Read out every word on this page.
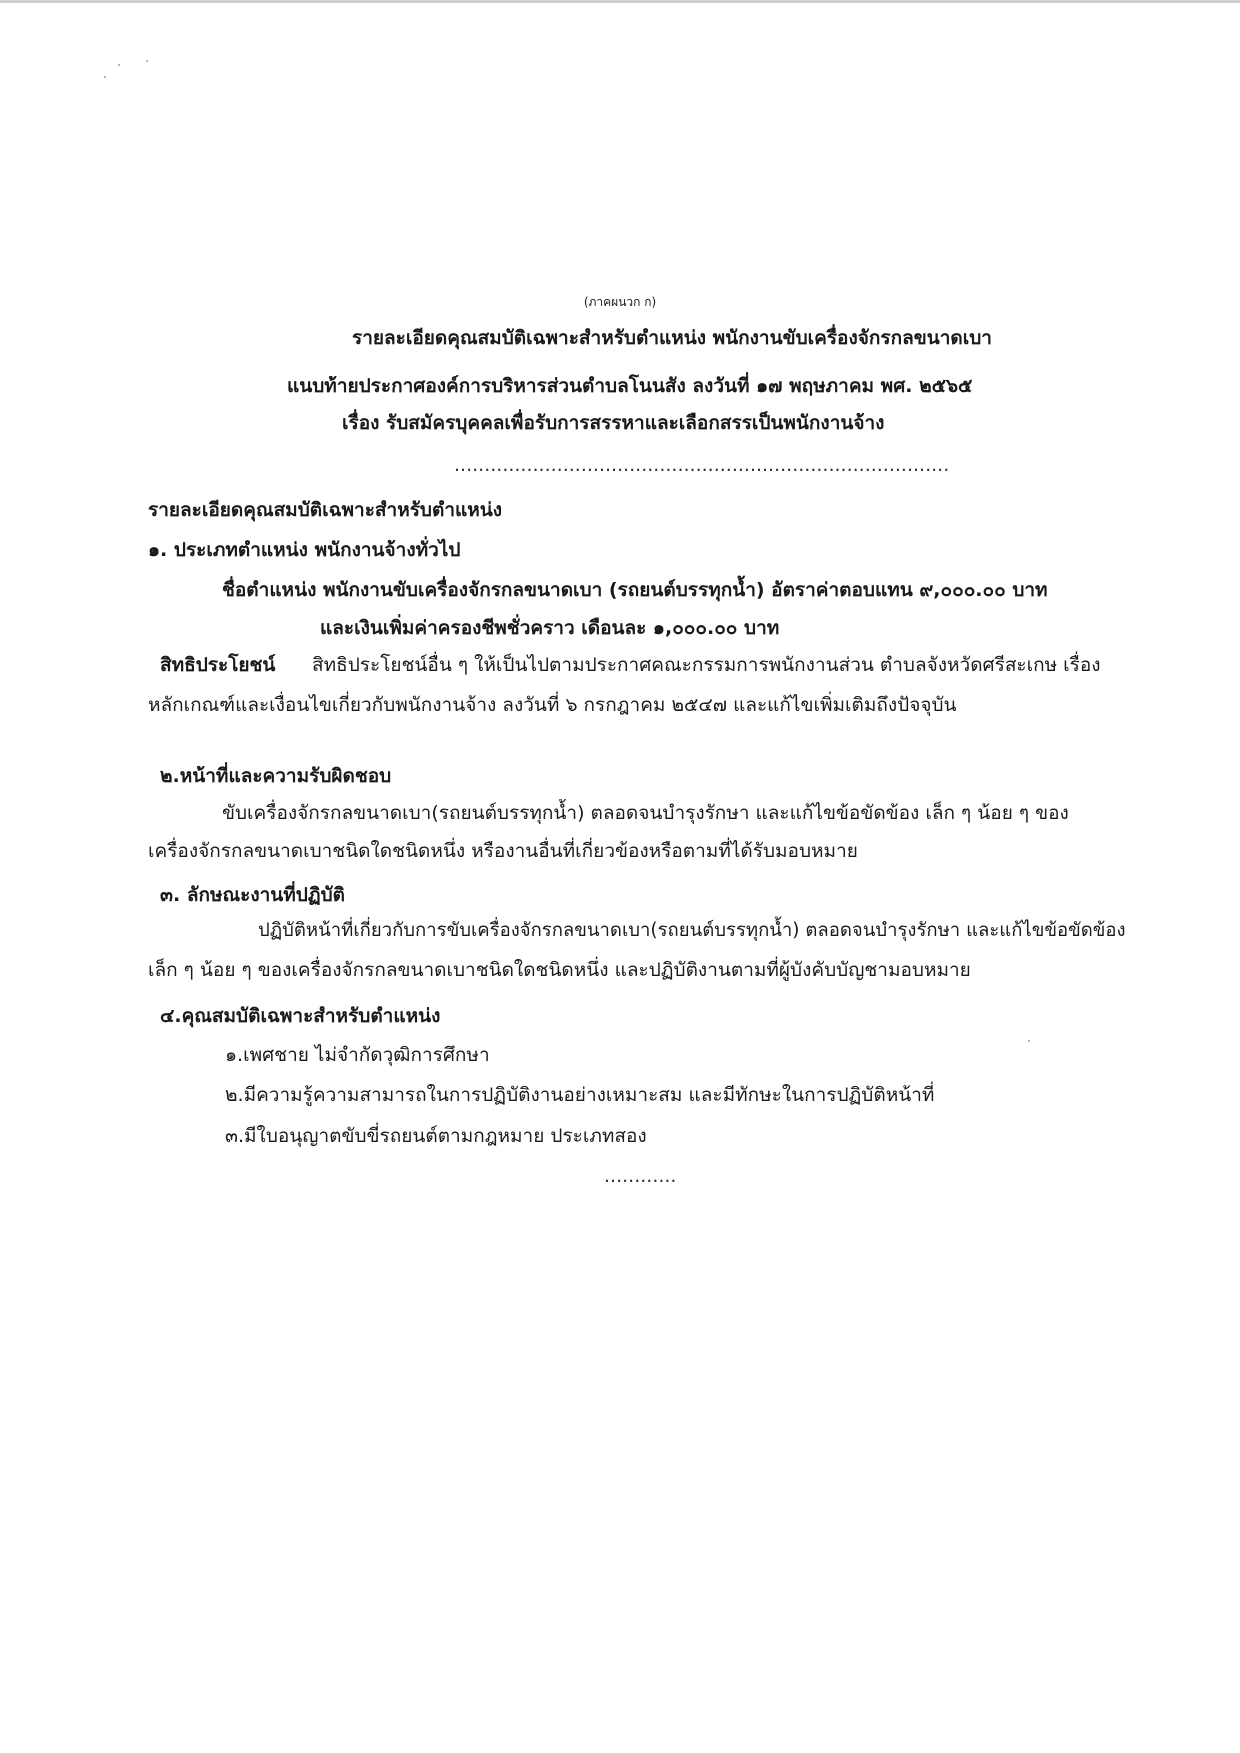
(ภาคผนวก ก)
รายละเอียดคุณสมบัติเฉพาะสำหรับตำแหน่ง พนักงานขับเครื่องจักรกลขนาดเบา
แนบท้ายประกาศองค์การบริหารส่วนตำบลโนนสัง ลงวันที่ ๑๗ พฤษภาคม พศ. ๒๕๖๕
เรื่อง รับสมัครบุคคลเพื่อรับการสรรหาและเลือกสรรเป็นพนักงานจ้าง
..................................................................................
รายละเอียดคุณสมบัติเฉพาะสำหรับตำแหน่ง
๑. ประเภทตำแหน่ง พนักงานจ้างทั่วไป
ชื่อตำแหน่ง พนักงานขับเครื่องจักรกลขนาดเบา (รถยนต์บรรทุกน้ำ) อัตราค่าตอบแทน ๙,๐๐๐.๐๐ บาท
และเงินเพิ่มค่าครองชีพชั่วคราว เดือนละ ๑,๐๐๐.๐๐ บาท
สิทธิประโยชน์ สิทธิประโยชน์อื่น ๆ ให้เป็นไปตามประกาศคณะกรรมการพนักงานส่วน ตำบลจังหวัดศรีสะเกษ เรื่อง
หลักเกณฑ์และเงื่อนไขเกี่ยวกับพนักงานจ้าง ลงวันที่ ๖ กรกฎาคม ๒๕๔๗ และแก้ไขเพิ่มเติมถึงปัจจุบัน
๒.หน้าที่และความรับผิดชอบ
ขับเครื่องจักรกลขนาดเบา(รถยนต์บรรทุกน้ำ) ตลอดจนบำรุงรักษา และแก้ไขข้อขัดข้อง เล็ก ๆ น้อย ๆ ของ
เครื่องจักรกลขนาดเบาชนิดใดชนิดหนึ่ง หรืองานอื่นที่เกี่ยวข้องหรือตามที่ได้รับมอบหมาย
๓. ลักษณะงานที่ปฏิบัติ
ปฏิบัติหน้าที่เกี่ยวกับการขับเครื่องจักรกลขนาดเบา(รถยนต์บรรทุกน้ำ) ตลอดจนบำรุงรักษา และแก้ไขข้อขัดข้อง
เล็ก ๆ น้อย ๆ ของเครื่องจักรกลขนาดเบาชนิดใดชนิดหนึ่ง และปฏิบัติงานตามที่ผู้บังคับบัญชามอบหมาย
๔.คุณสมบัติเฉพาะสำหรับตำแหน่ง
๑.เพศชาย ไม่จำกัดวุฒิการศึกษา
๒.มีความรู้ความสามารถในการปฏิบัติงานอย่างเหมาะสม และมีทักษะในการปฏิบัติหน้าที่
๓.มีใบอนุญาตขับขี่รถยนต์ตามกฎหมาย ประเภทสอง
............
